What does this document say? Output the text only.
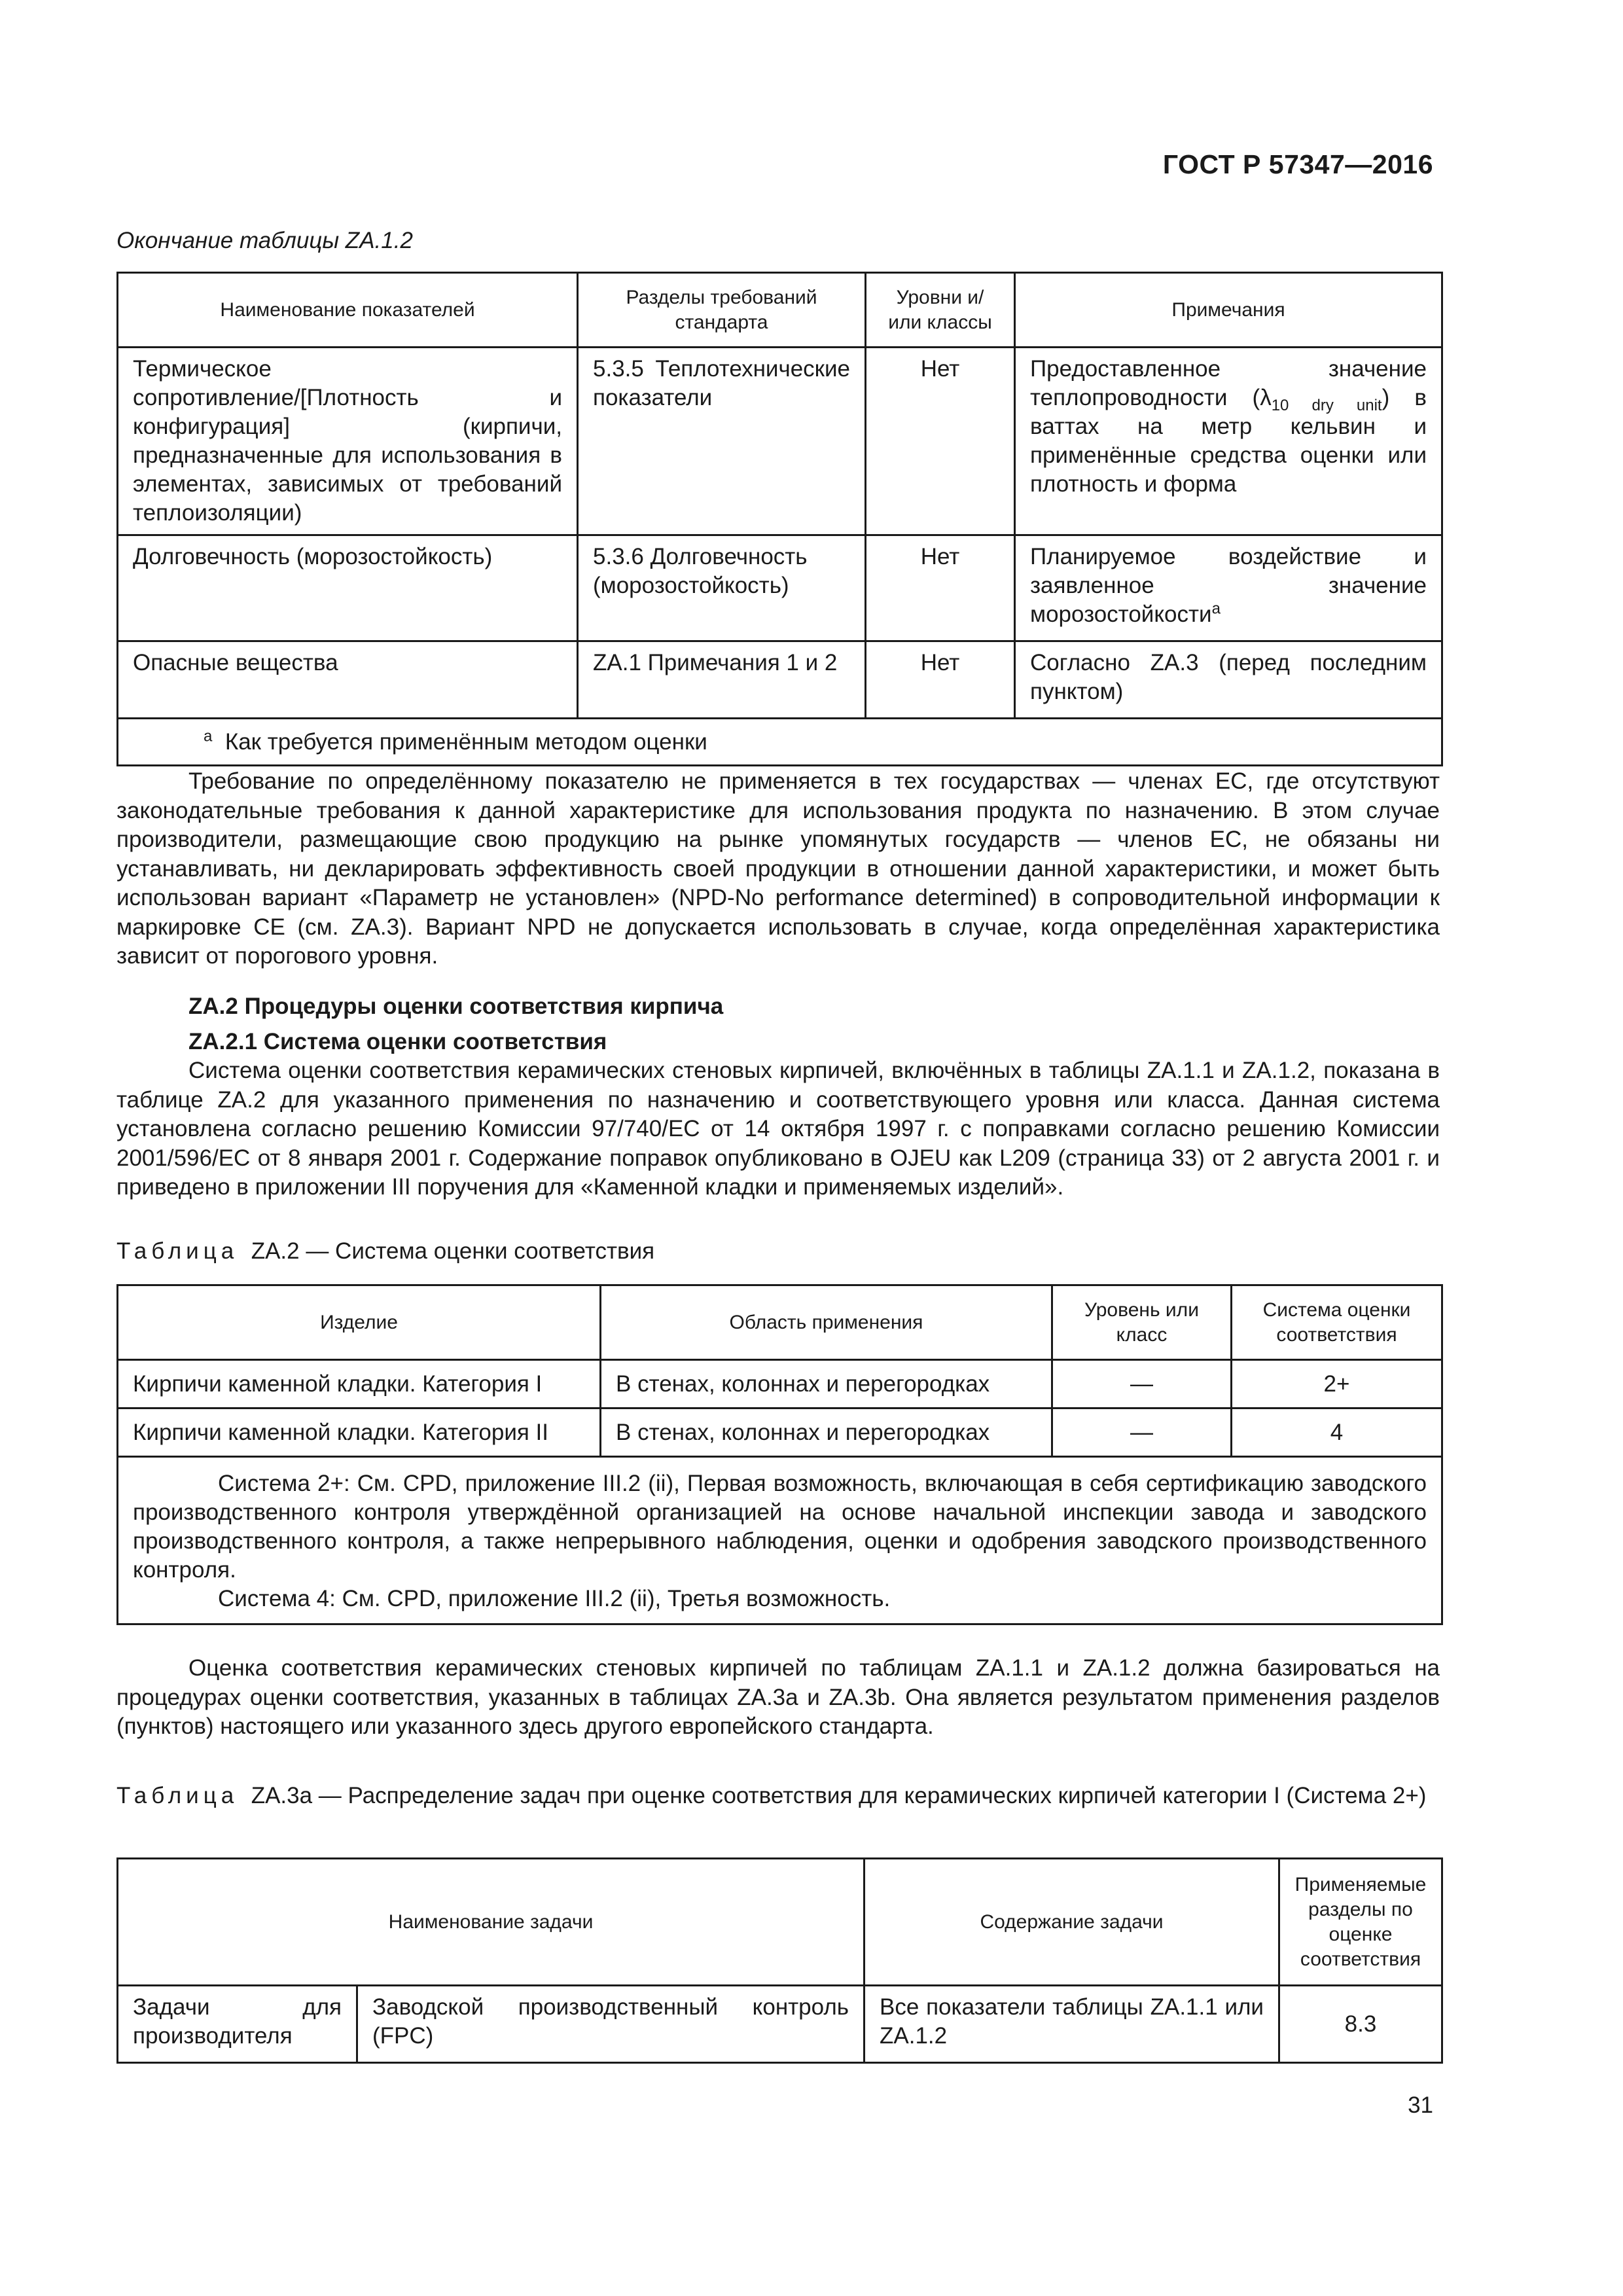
ГОСТ Р 57347—2016
Окончание таблицы ZA.1.2
Наименование показателей	Разделы требований стандарта	Уровни и/или классы	Примечания
Термическое сопротивление/[Плотность и конфигурация] (кирпичи, предназначенные для использования в элементах, зависимых от требований теплоизоляции)	5.3.5 Теплотехнические показатели	Нет	Предоставленное значение теплопроводности $(\lambda_{10 dry unit})$ в ваттах на метр кельвин и применённые средства оценки или плотность и форма
Долговечность (морозостойкость)	5.3.6 Долговечность (морозостойкость)	Нет	Планируемое воздействие и заявленное значение морозостойкости$^a$
Опасные вещества	ZA.1 Примечания 1 и 2	Нет	Согласно ZA.3 (перед последним пунктом)
$^a$ Как требуется применённым методом оценки			
Требование по определённому показателю не применяется в тех государствах — членах ЕС, где отсутствуют законодательные требования к данной характеристике для использования продукта по назначению. В этом случае производители, размещающие свою продукцию на рынке упомянутых государств — членов ЕС, не обязаны ни устанавливать, ни декларировать эффективность своей продукции в отношении данной характеристики, и может быть использован вариант «Параметр не установлен» (NPD-No performance determined) в сопроводительной информации к маркировке CE (см. ZA.3). Вариант NPD не допускается использовать в случае, когда определённая характеристика зависит от порогового уровня.
ZA.2 Процедуры оценки соответствия кирпича
ZA.2.1 Система оценки соответствия
Система оценки соответствия керамических стеновых кирпичей, включённых в таблицы ZA.1.1 и ZA.1.2, показана в таблице ZA.2 для указанного применения по назначению и соответствующего уровня или класса. Данная система установлена согласно решению Комиссии 97/740/ЕС от 14 октября 1997 г. с поправками согласно решению Комиссии 2001/596/ЕС от 8 января 2001 г. Содержание поправок опубликовано в OJEU как L209 (страница 33) от 2 августа 2001 г. и приведено в приложении III поручения для «Каменной кладки и применяемых изделий».
Таблица ZA.2 — Система оценки соответствия
Изделие	Область применения	Уровень или класс	Система оценки соответствия
Кирпичи каменной кладки. Категория I	В стенах, колоннах и перегородках	—	2+
Кирпичи каменной кладки. Категория II	В стенах, колоннах и перегородках	—	4

Система 2+: См. CPD, приложение III.2 (ii), Первая возможность, включающая в себя сертификацию заводского производственного контроля утверждённой организацией на основе начальной инспекции завода и заводского производственного контроля, а также непрерывного наблюдения, оценки и одобрения заводского производственного контроля.

Система 4: См. CPD, приложение III.2 (ii), Третья возможность.			

Оценка соответствия керамических стеновых кирпичей по таблицам ZA.1.1 и ZA.1.2 должна базироваться на процедурах оценки соответствия, указанных в таблицах ZA.3a и ZA.3b. Она является результатом применения разделов (пунктов) настоящего или указанного здесь другого европейского стандарта.
Таблица ZA.3a — Распределение задач при оценке соответствия для керамических кирпичей категории I (Система 2+)
Наименование задачи		Содержание задачи	Применяемые разделы по оценке соответствия
Задачи для производителя	Заводской производственный контроль (FPC)	Все показатели таблицы ZA.1.1 или ZA.1.2	8.3
31
